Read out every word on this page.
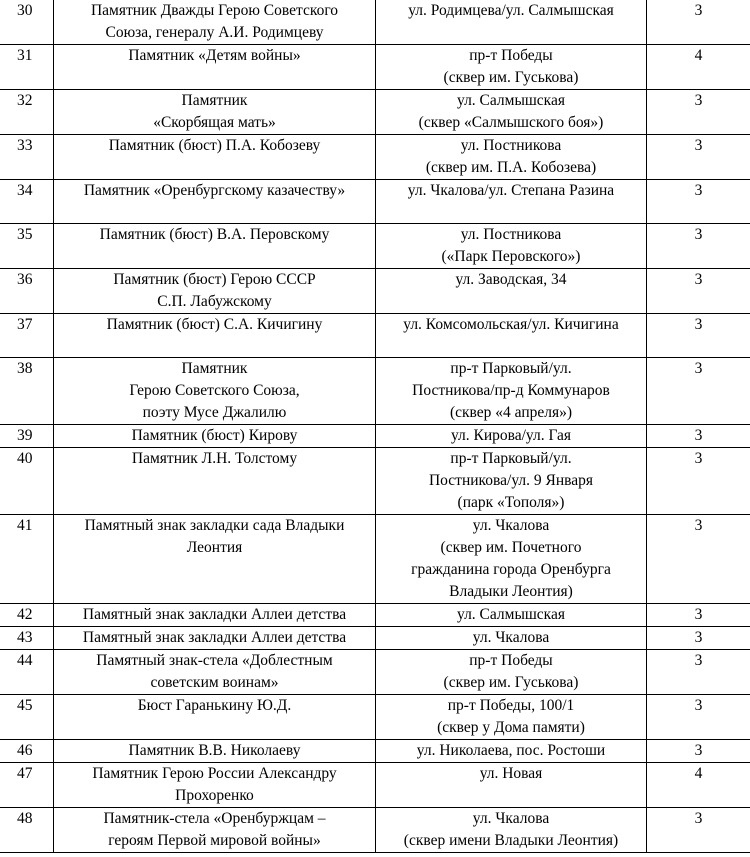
30	Памятник Дважды Герою Советского
Союза, генералу А.И. Родимцеву	ул. Родимцева/ул. Салмышская	3
31	Памятник «Детям войны»	пр-т Победы
(сквер им. Гуськова)	4
32	Памятник
«Скорбящая мать»	ул. Салмышская
(сквер «Салмышского боя»)	3
33	Памятник (бюст) П.А. Кобозеву	ул. Постникова
(сквер им. П.А. Кобозева)	3
34	Памятник «Оренбургскому казачеству»	ул. Чкалова/ул. Степана Разина	3
35	Памятник (бюст) В.А. Перовскому	ул. Постникова
(«Парк Перовского»)	3
36	Памятник (бюст) Герою СССР
С.П. Лабужскому	ул. Заводская, 34	3
37	Памятник (бюст) С.А. Кичигину	ул. Комсомольская/ул. Кичигина	3
38	Памятник
Герою Советского Союза,
поэту Мусе Джалилю	пр-т Парковый/ул.
Постникова/пр-д Коммунаров
(сквер «4 апреля»)	3
39	Памятник (бюст) Кирову	ул. Кирова/ул. Гая	3
40	Памятник Л.Н. Толстому	пр-т Парковый/ул.
Постникова/ул. 9 Января
(парк «Тополя»)	3
41	Памятный знак закладки сада Владыки
Леонтия	ул. Чкалова
(сквер им. Почетного
гражданина города Оренбурга
Владыки Леонтия)	3
42	Памятный знак закладки Аллеи детства	ул. Салмышская	3
43	Памятный знак закладки Аллеи детства	ул. Чкалова	3
44	Памятный знак-стела «Доблестным
советским воинам»	пр-т Победы
(сквер им. Гуськова)	3
45	Бюст Гаранькину Ю.Д.	пр-т Победы, 100/1
(сквер у Дома памяти)	3
46	Памятник В.В. Николаеву	ул. Николаева, пос. Ростоши	3
47	Памятник Герою России Александру
Прохоренко	ул. Новая	4
48	Памятник-стела «Оренбуржцам –
героям Первой мировой войны»	ул. Чкалова
(сквер имени Владыки Леонтия)	3
